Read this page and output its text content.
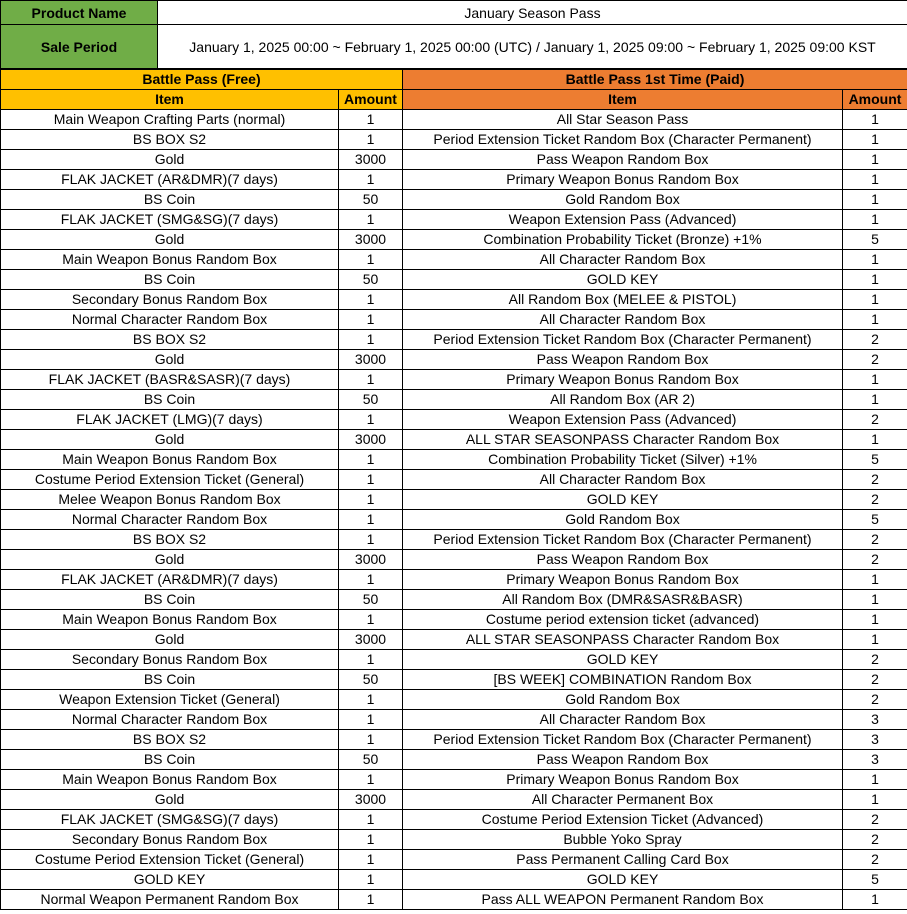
Product Name	January Season Pass
Sale Period	January 1, 2025 00:00 ~ February 1, 2025 00:00 (UTC) / January 1, 2025 09:00 ~ February 1, 2025 09:00 KST
Battle Pass (Free)		Battle Pass 1st Time (Paid)	
Item	Amount	Item	Amount
Main Weapon Crafting Parts (normal)	1	All Star Season Pass	1
BS BOX S2	1	Period Extension Ticket Random Box (Character Permanent)	1
Gold	3000	Pass Weapon Random Box	1
FLAK JACKET (AR&DMR)(7 days)	1	Primary Weapon Bonus Random Box	1
BS Coin	50	Gold Random Box	1
FLAK JACKET (SMG&SG)(7 days)	1	Weapon Extension Pass (Advanced)	1
Gold	3000	Combination Probability Ticket (Bronze) +1%	5
Main Weapon Bonus Random Box	1	All Character Random Box	1
BS Coin	50	GOLD KEY	1
Secondary Bonus Random Box	1	All Random Box (MELEE & PISTOL)	1
Normal Character Random Box	1	All Character Random Box	1
BS BOX S2	1	Period Extension Ticket Random Box (Character Permanent)	2
Gold	3000	Pass Weapon Random Box	2
FLAK JACKET (BASR&SASR)(7 days)	1	Primary Weapon Bonus Random Box	1
BS Coin	50	All Random Box (AR 2)	1
FLAK JACKET (LMG)(7 days)	1	Weapon Extension Pass (Advanced)	2
Gold	3000	ALL STAR SEASONPASS Character Random Box	1
Main Weapon Bonus Random Box	1	Combination Probability Ticket (Silver) +1%	5
Costume Period Extension Ticket (General)	1	All Character Random Box	2
Melee Weapon Bonus Random Box	1	GOLD KEY	2
Normal Character Random Box	1	Gold Random Box	5
BS BOX S2	1	Period Extension Ticket Random Box (Character Permanent)	2
Gold	3000	Pass Weapon Random Box	2
FLAK JACKET (AR&DMR)(7 days)	1	Primary Weapon Bonus Random Box	1
BS Coin	50	All Random Box (DMR&SASR&BASR)	1
Main Weapon Bonus Random Box	1	Costume period extension ticket (advanced)	1
Gold	3000	ALL STAR SEASONPASS Character Random Box	1
Secondary Bonus Random Box	1	GOLD KEY	2
BS Coin	50	[BS WEEK] COMBINATION Random Box	2
Weapon Extension Ticket (General)	1	Gold Random Box	2
Normal Character Random Box	1	All Character Random Box	3
BS BOX S2	1	Period Extension Ticket Random Box (Character Permanent)	3
BS Coin	50	Pass Weapon Random Box	3
Main Weapon Bonus Random Box	1	Primary Weapon Bonus Random Box	1
Gold	3000	All Character Permanent Box	1
FLAK JACKET (SMG&SG)(7 days)	1	Costume Period Extension Ticket (Advanced)	2
Secondary Bonus Random Box	1	Bubble Yoko Spray	2
Costume Period Extension Ticket (General)	1	Pass Permanent Calling Card Box	2
GOLD KEY	1	GOLD KEY	5
Normal Weapon Permanent Random Box	1	Pass ALL WEAPON Permanent Random Box	1
